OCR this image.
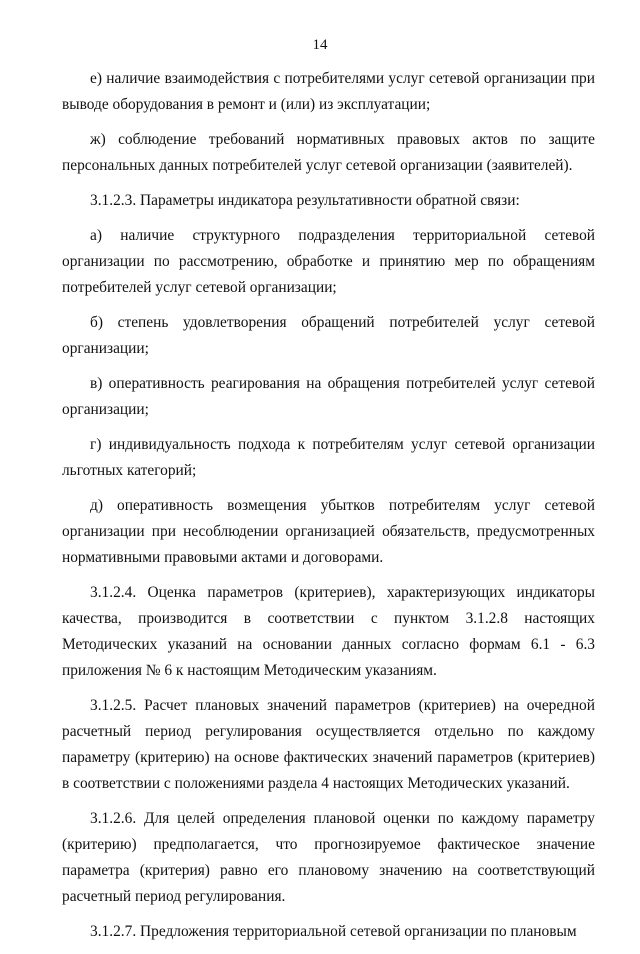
14

е) наличие взаимодействия с потребителями услуг сетевой организации при выводе оборудования в ремонт и (или) из эксплуатации;

ж) соблюдение требований нормативных правовых актов по защите персональных данных потребителей услуг сетевой организации (заявителей).

3.1.2.3. Параметры индикатора результативности обратной связи:

а) наличие структурного подразделения территориальной сетевой организации по рассмотрению, обработке и принятию мер по обращениям потребителей услуг сетевой организации;

б) степень удовлетворения обращений потребителей услуг сетевой организации;

в) оперативность реагирования на обращения потребителей услуг сетевой организации;

г) индивидуальность подхода к потребителям услуг сетевой организации льготных категорий;

д) оперативность возмещения убытков потребителям услуг сетевой организации при несоблюдении организацией обязательств, предусмотренных нормативными правовыми актами и договорами.

3.1.2.4. Оценка параметров (критериев), характеризующих индикаторы качества, производится в соответствии с пунктом 3.1.2.8 настоящих Методических указаний на основании данных согласно формам 6.1 - 6.3 приложения № 6 к настоящим Методическим указаниям.

3.1.2.5. Расчет плановых значений параметров (критериев) на очередной расчетный период регулирования осуществляется отдельно по каждому параметру (критерию) на основе фактических значений параметров (критериев) в соответствии с положениями раздела 4 настоящих Методических указаний.

3.1.2.6. Для целей определения плановой оценки по каждому параметру (критерию) предполагается, что прогнозируемое фактическое значение параметра (критерия) равно его плановому значению на соответствующий расчетный период регулирования.

3.1.2.7. Предложения территориальной сетевой организации по плановым
